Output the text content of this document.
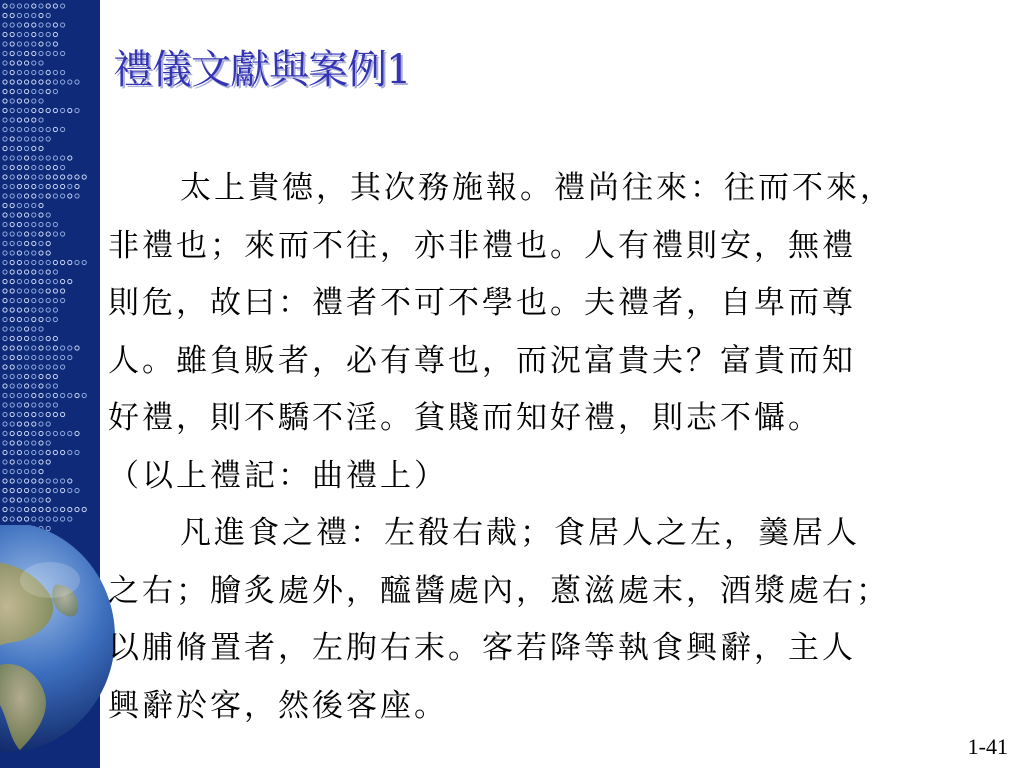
禮儀文獻與案例1
太上貴德，其次務施報。禮尚往來：往而不來，
非禮也；來而不往，亦非禮也。人有禮則安，無禮
則危，故曰：禮者不可不學也。夫禮者，自卑而尊
人。雖負販者，必有尊也，而況富貴夫？富貴而知
好禮，則不驕不淫。貧賤而知好禮，則志不懾。
（以上禮記：曲禮上）
凡進食之禮：左殽右胾；食居人之左，羹居人
之右；膾炙處外，醯醬處內，蔥滋處末，酒漿處右；
以脯脩置者，左朐右末。客若降等執食興辭，主人
興辭於客，然後客座。
1-41
